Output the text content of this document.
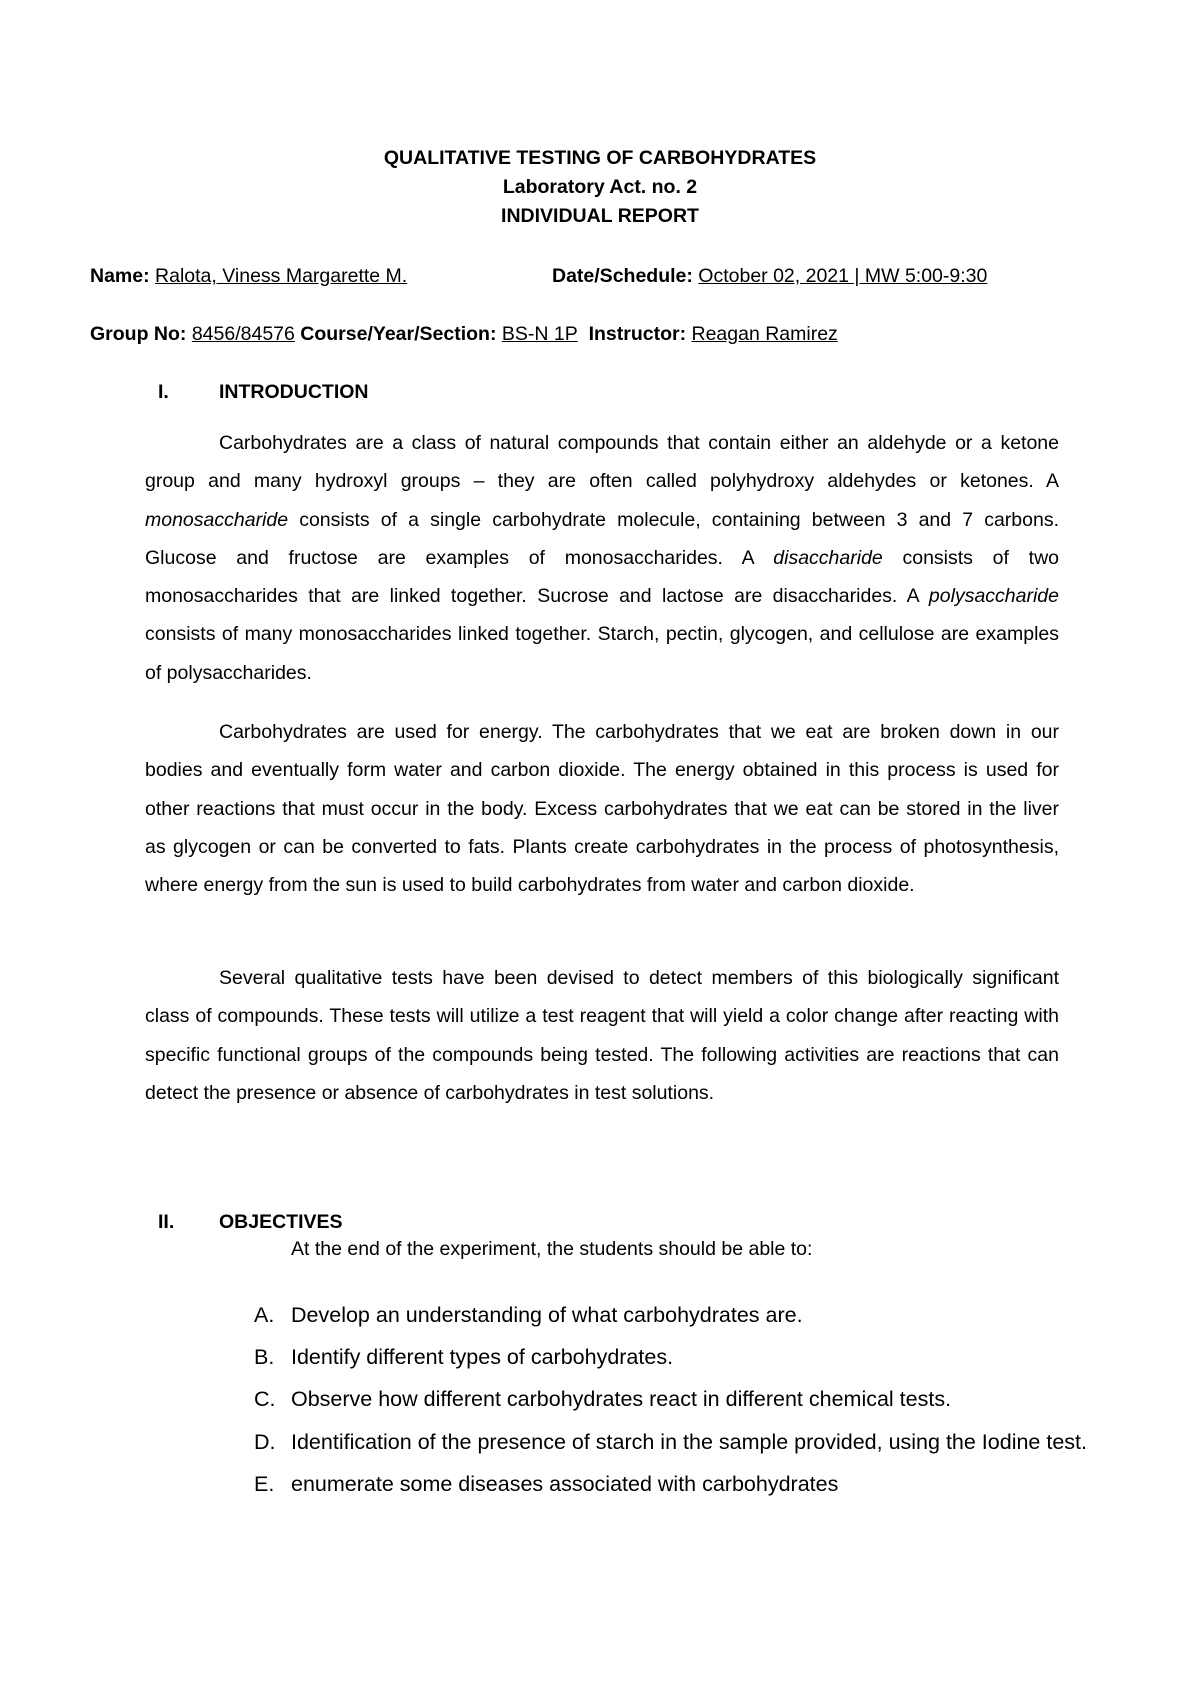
QUALITATIVE TESTING OF CARBOHYDRATES
Laboratory Act. no. 2
INDIVIDUAL REPORT
Name: Ralota, Viness Margarette M.	Date/Schedule: October 02, 2021 | MW 5:00-9:30
Group No: 8456/84576 Course/Year/Section: BS-N 1P Instructor: Reagan Ramirez
I.	INTRODUCTION

Carbohydrates are a class of natural compounds that contain either an aldehyde or a ketone group and many hydroxyl groups – they are often called polyhydroxy aldehydes or ketones. A monosaccharide consists of a single carbohydrate molecule, containing between 3 and 7 carbons. Glucose and fructose are examples of monosaccharides. A disaccharide consists of two monosaccharides that are linked together. Sucrose and lactose are disaccharides. A polysaccharide consists of many monosaccharides linked together. Starch, pectin, glycogen, and cellulose are examples of polysaccharides.

Carbohydrates are used for energy. The carbohydrates that we eat are broken down in our bodies and eventually form water and carbon dioxide. The energy obtained in this process is used for other reactions that must occur in the body. Excess carbohydrates that we eat can be stored in the liver as glycogen or can be converted to fats. Plants create carbohydrates in the process of photosynthesis, where energy from the sun is used to build carbohydrates from water and carbon dioxide.

Several qualitative tests have been devised to detect members of this biologically significant class of compounds. These tests will utilize a test reagent that will yield a color change after reacting with specific functional groups of the compounds being tested. The following activities are reactions that can detect the presence or absence of carbohydrates in test solutions.

II. OBJECTIVES
At the end of the experiment, the students should be able to:
A. Develop an understanding of what carbohydrates are.
B. Identify different types of carbohydrates.
C. Observe how different carbohydrates react in different chemical tests.
D. Identification of the presence of starch in the sample provided, using the Iodine test.
E. enumerate some diseases associated with carbohydrates
